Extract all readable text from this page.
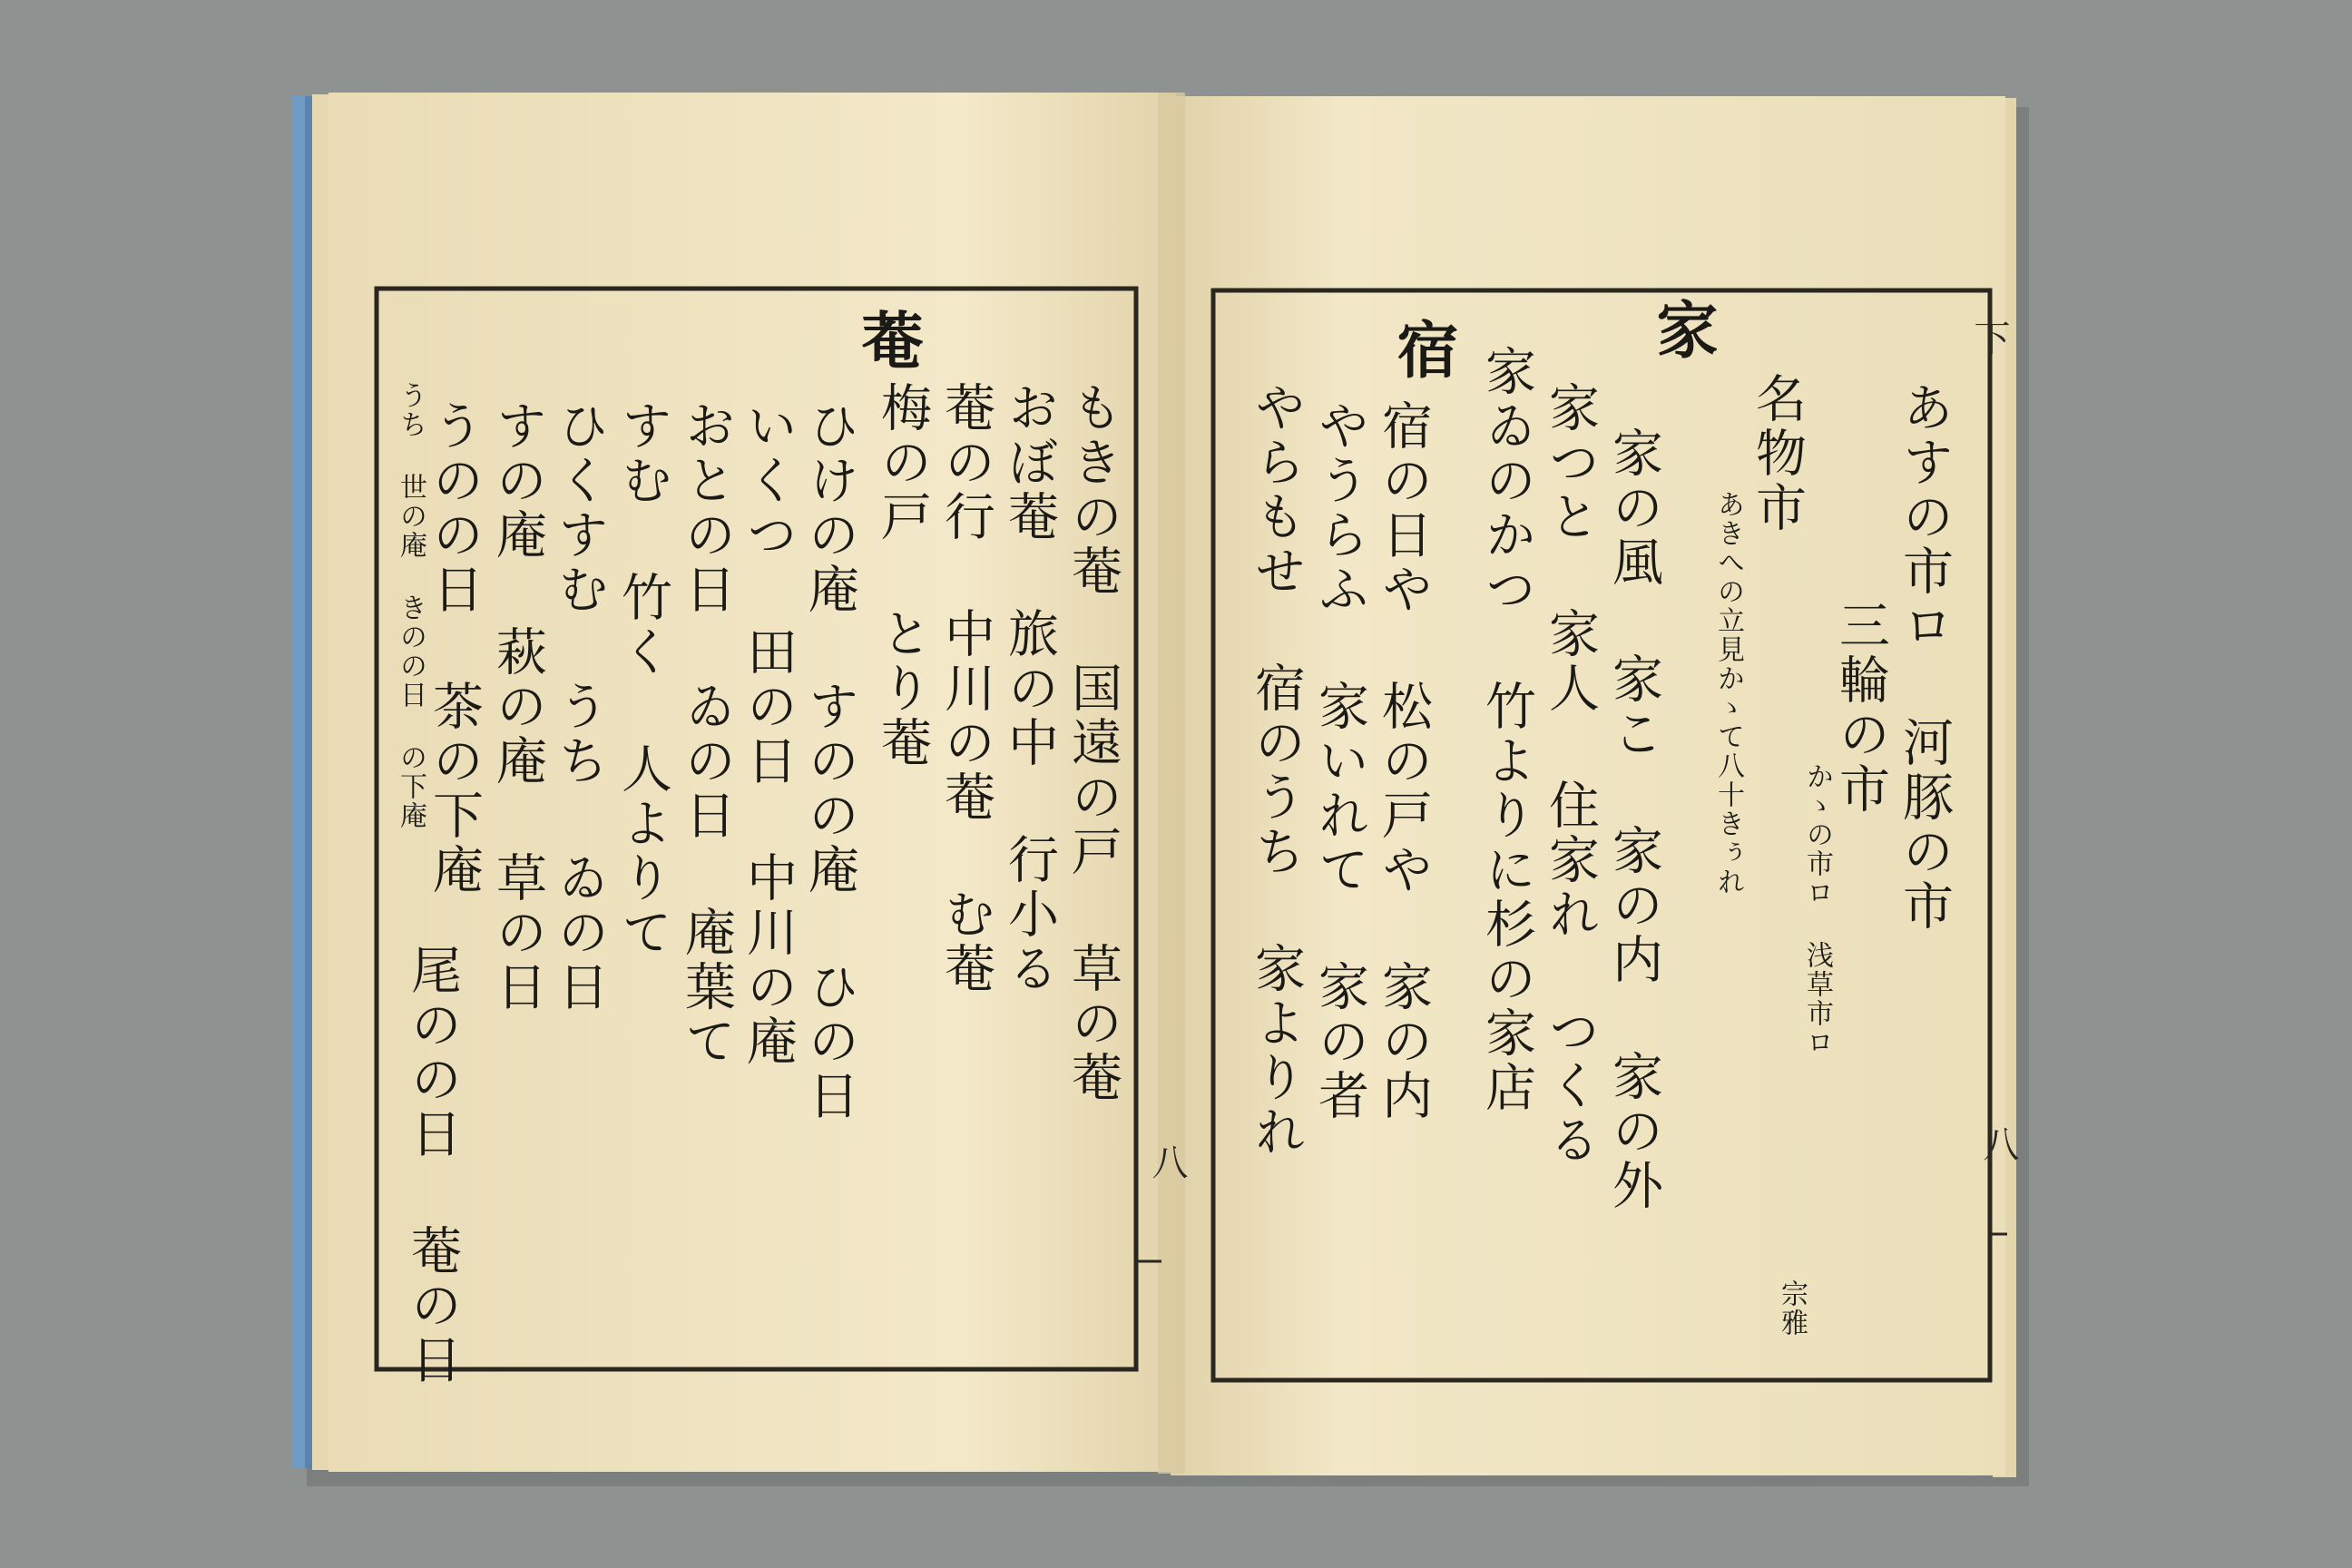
下
八
家
宿
あすの市ロ 河豚の市
三輪の市
かゝの市ロ 浅草市ロ
名物市
あきへの立見かゝて八十きぅれ
家の風 家こ 家の内 家の外
家つと 家人 住家れ つくる
家ゐのかつ 竹よりに杉の家店
宿の日や 松の戸や 家の内
やうらふ 家いれて 家の者
やらもせ 宿のうち 家よりれ
宗雅
菴
八
もきの菴 国遠の戸 草の菴
おぼ菴 旅の中 行小る
菴の行 中川の菴 む菴
梅の戸 とり菴
ひけの庵 すのの庵 ひの日
いくつ 田の日 中川の庵
おとの日 ゐの日 庵葉て
すむ 竹く 人よりて
ひくすむ うち ゐの日
すの庵 萩の庵 草の日
うのの日 茶の下庵
尾のの日 菴の日
うち 世の庵 きのの日 の下庵
